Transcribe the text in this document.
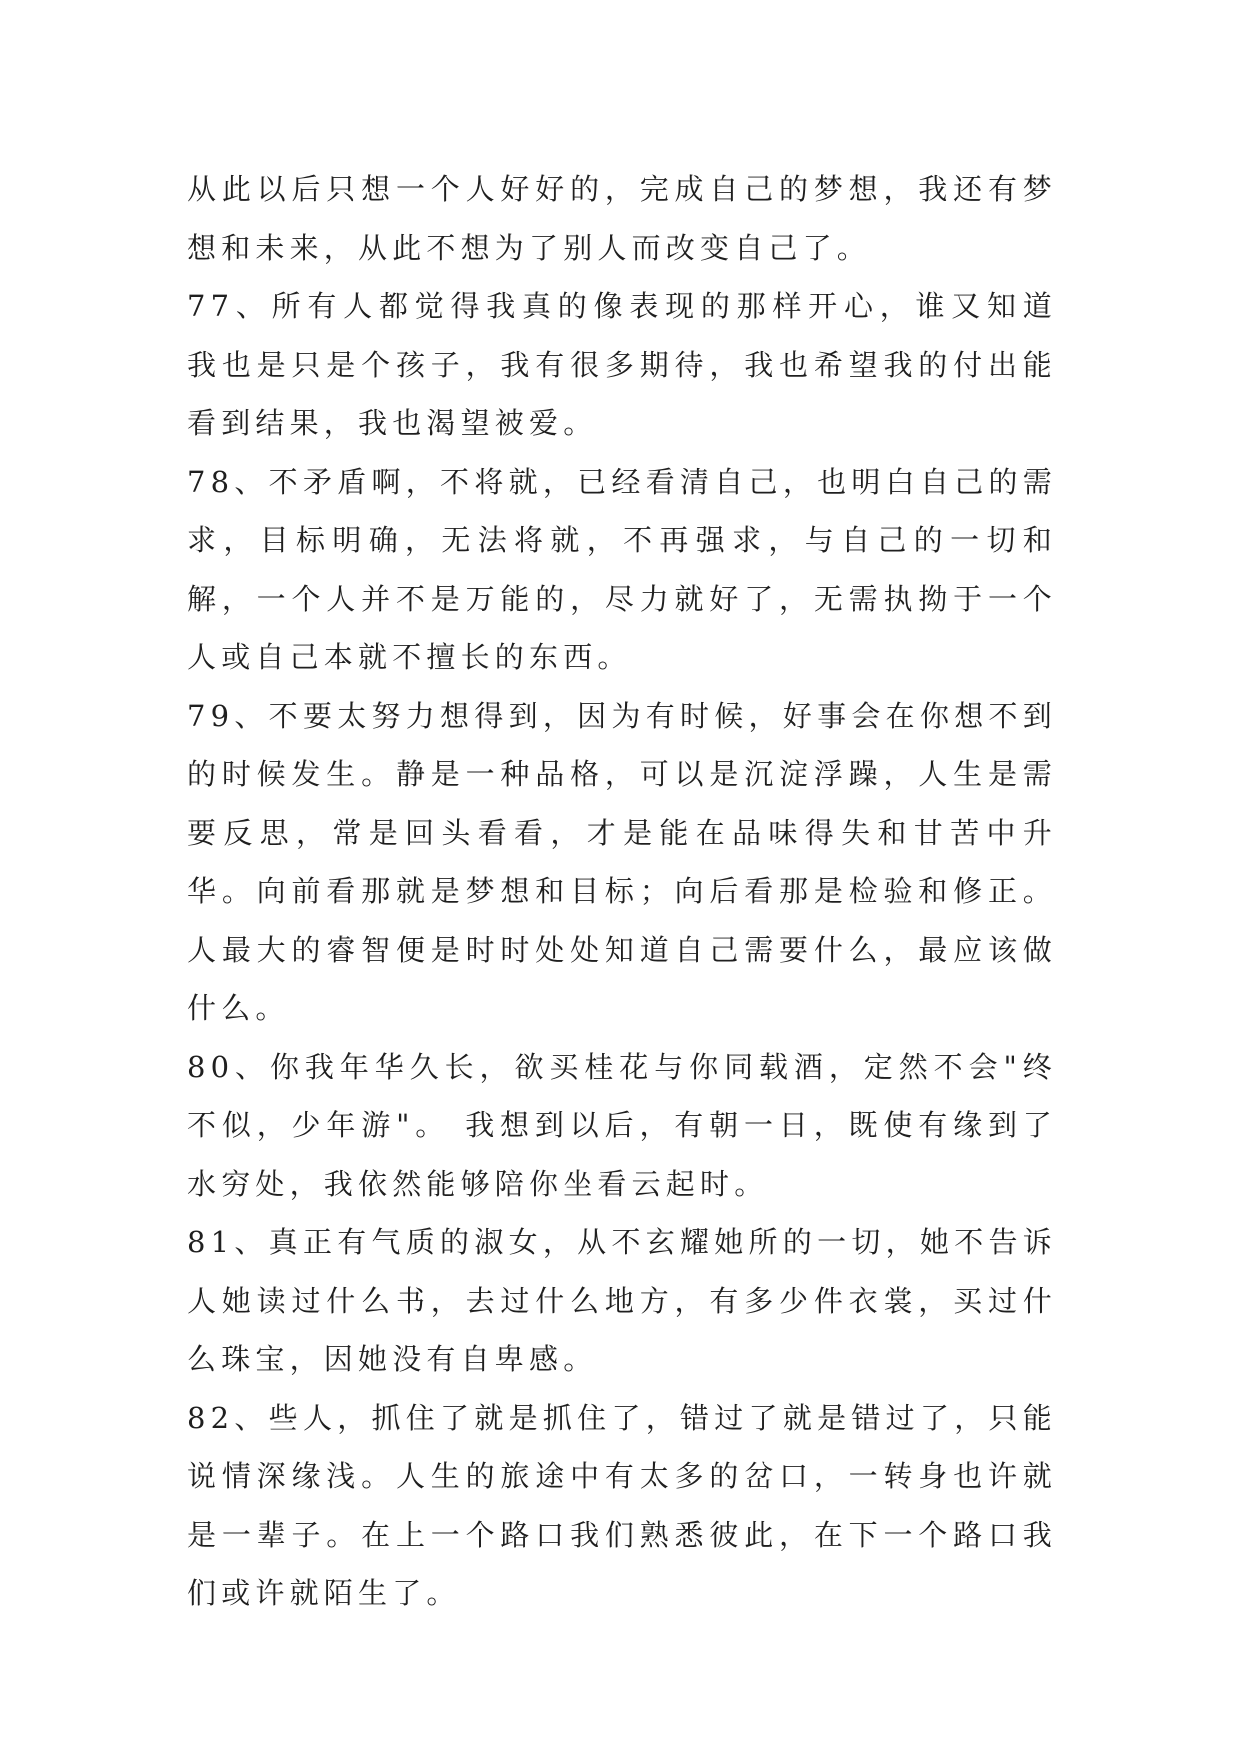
从此以后只想一个人好好的，完成自己的梦想，我还有梦想和未来，从此不想为了别人而改变自己了。

77、所有人都觉得我真的像表现的那样开心，谁又知道 我也是只是个孩子，我有很多期待，我也希望我的付出能看到结果，我也渴望被爱。

78、不矛盾啊，不将就，已经看清自己，也明白自己的需求，目标明确，无法将就，不再强求，与自己的一切和解，一个人并不是万能的，尽力就好了，无需执拗于一个人或自己本就不擅长的东西。

79、不要太努力想得到，因为有时候，好事会在你想不到的时候发生。静是一种品格，可以是沉淀浮躁，人生是需要反思，常是回头看看，才是能在品味得失和甘苦中升华。向前看那就是梦想和目标；向后看那是检验和修正。人最大的睿智便是时时处处知道自己需要什么，最应该做什么。

80、你我年华久长，欲买桂花与你同载酒，定然不会"终不似，少年游"。 我想到以后，有朝一日，既使有缘到了水穷处，我依然能够陪你坐看云起时。

81、真正有气质的淑女，从不玄耀她所的一切，她不告诉人她读过什么书，去过什么地方，有多少件衣裳，买过什么珠宝，因她没有自卑感。

82、些人，抓住了就是抓住了，错过了就是错过了，只能说情深缘浅。人生的旅途中有太多的岔口，一转身也许就是一辈子。在上一个路口我们熟悉彼此，在下一个路口我们或许就陌生了。
